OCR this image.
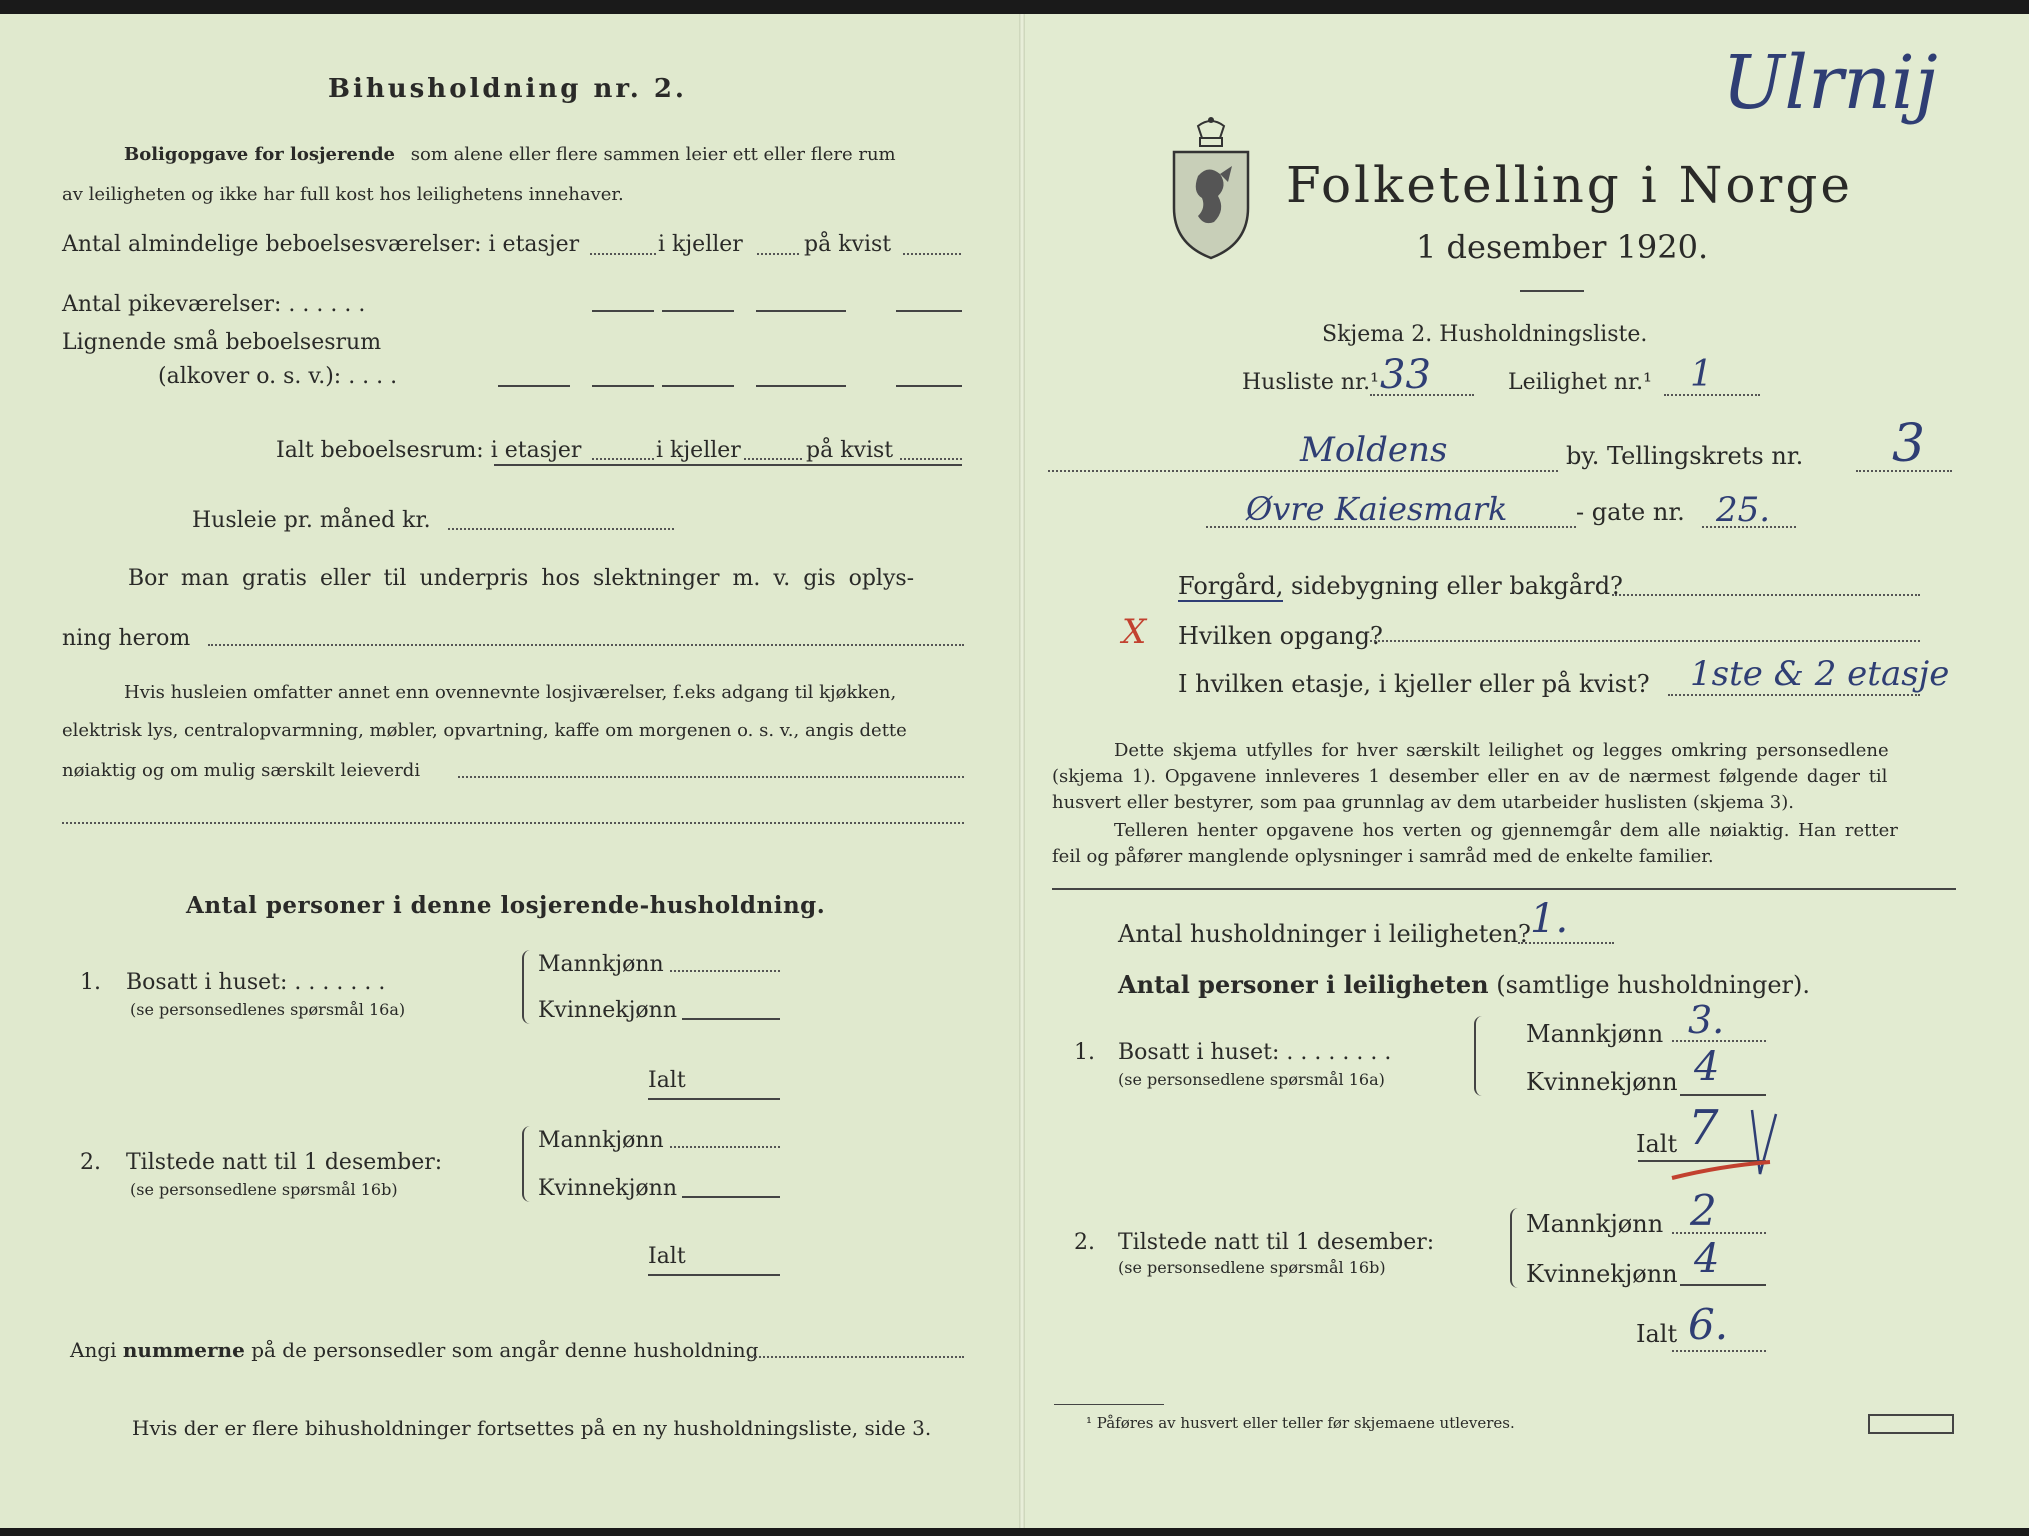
Bihusholdning nr. 2.
Boligopgave for losjerende som alene eller flere sammen leier ett eller flere rum
av leiligheten og ikke har full kost hos leilighetens innehaver.
Antal almindelige beboelsesværelser: i etasjer	i kjeller	på kvist
Antal pikeværelser: . . . . . .
Lignende små beboelsesrum
(alkover o. s. v.): . . . .
Ialt beboelsesrum: i etasjer	i kjeller	på kvist
Husleie pr. måned kr.
Bor man gratis eller til underpris hos slektninger m. v. gis oplys-
ning herom
Hvis husleien omfatter annet enn ovennevnte losjiværelser, f.eks adgang til kjøkken,
elektrisk lys, centralopvarmning, møbler, opvartning, kaffe om morgenen o. s. v., angis dette
nøiaktig og om mulig særskilt leieverdi
Antal personer i denne losjerende-husholdning.
1. Bosatt i huset: . . . . . . .
(se personsedlenes spørsmål 16a)
Mannkjønn
Kvinnekjønn
Ialt
2. Tilstede natt til 1 desember:
(se personsedlene spørsmål 16b)
Mannkjønn
Kvinnekjønn
Ialt
Angi nummerne på de personsedler som angår denne husholdning
Hvis der er flere bihusholdninger fortsettes på en ny husholdningsliste, side 3.
Ulrnij
Folketelling i Norge
1 desember 1920.
Skjema 2. Husholdningsliste.
Husliste nr.¹ 33	Leilighet nr.¹ 1
Moldens	by. Tellingskrets nr. 3
Øvre Kaiesmark	- gate nr. 25.
Forgård, sidebygning eller bakgård?
X Hvilken opgang?
I hvilken etasje, i kjeller eller på kvist? 1ste & 2 etasje
Dette skjema utfylles for hver særskilt leilighet og legges omkring personsedlene
(skjema 1). Opgavene innleveres 1 desember eller en av de nærmest følgende dager til
husvert eller bestyrer, som paa grunnlag av dem utarbeider huslisten (skjema 3).
Telleren henter opgavene hos verten og gjennemgår dem alle nøiaktig. Han retter
feil og påfører manglende oplysninger i samråd med de enkelte familier.
Antal husholdninger i leiligheten? 1.
Antal personer i leiligheten (samtlige husholdninger).
1. Bosatt i huset: . . . . . . . .
(se personsedlene spørsmål 16a)
Mannkjønn 3.
Kvinnekjønn 4
Ialt 7
2. Tilstede natt til 1 desember:
(se personsedlene spørsmål 16b)
Mannkjønn 2
Kvinnekjønn 4
Ialt 6.
¹ Påføres av husvert eller teller før skjemaene utleveres.
